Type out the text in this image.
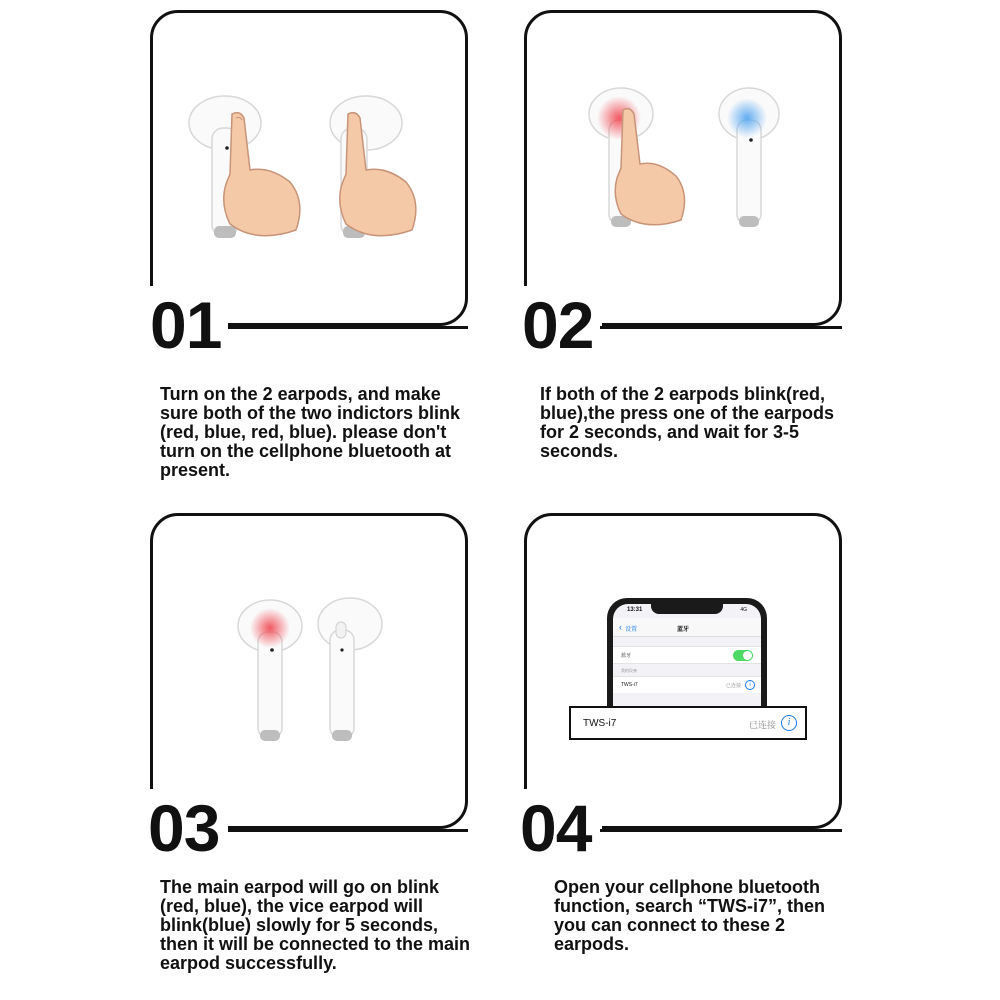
01
Turn on the 2 earpods, and make sure both of the two indictors blink (red, blue, red, blue). please don't turn on the cellphone bluetooth at present.
02
If both of the 2 earpods blink(red, blue),the press one of the earpods for 2 seconds, and wait for 3-5 seconds.
03
The main earpod will go on blink (red, blue), the vice earpod will blink(blue) slowly for 5 seconds, then it will be connected to the main earpod successfully.
13:31	4G
‹ 设置	蓝牙
蓝牙
我的设备
TWS-i7	已连接	i
TWS-i7	已连接	i
04
Open your cellphone bluetooth function, search “TWS-i7”, then you can connect to these 2 earpods.
